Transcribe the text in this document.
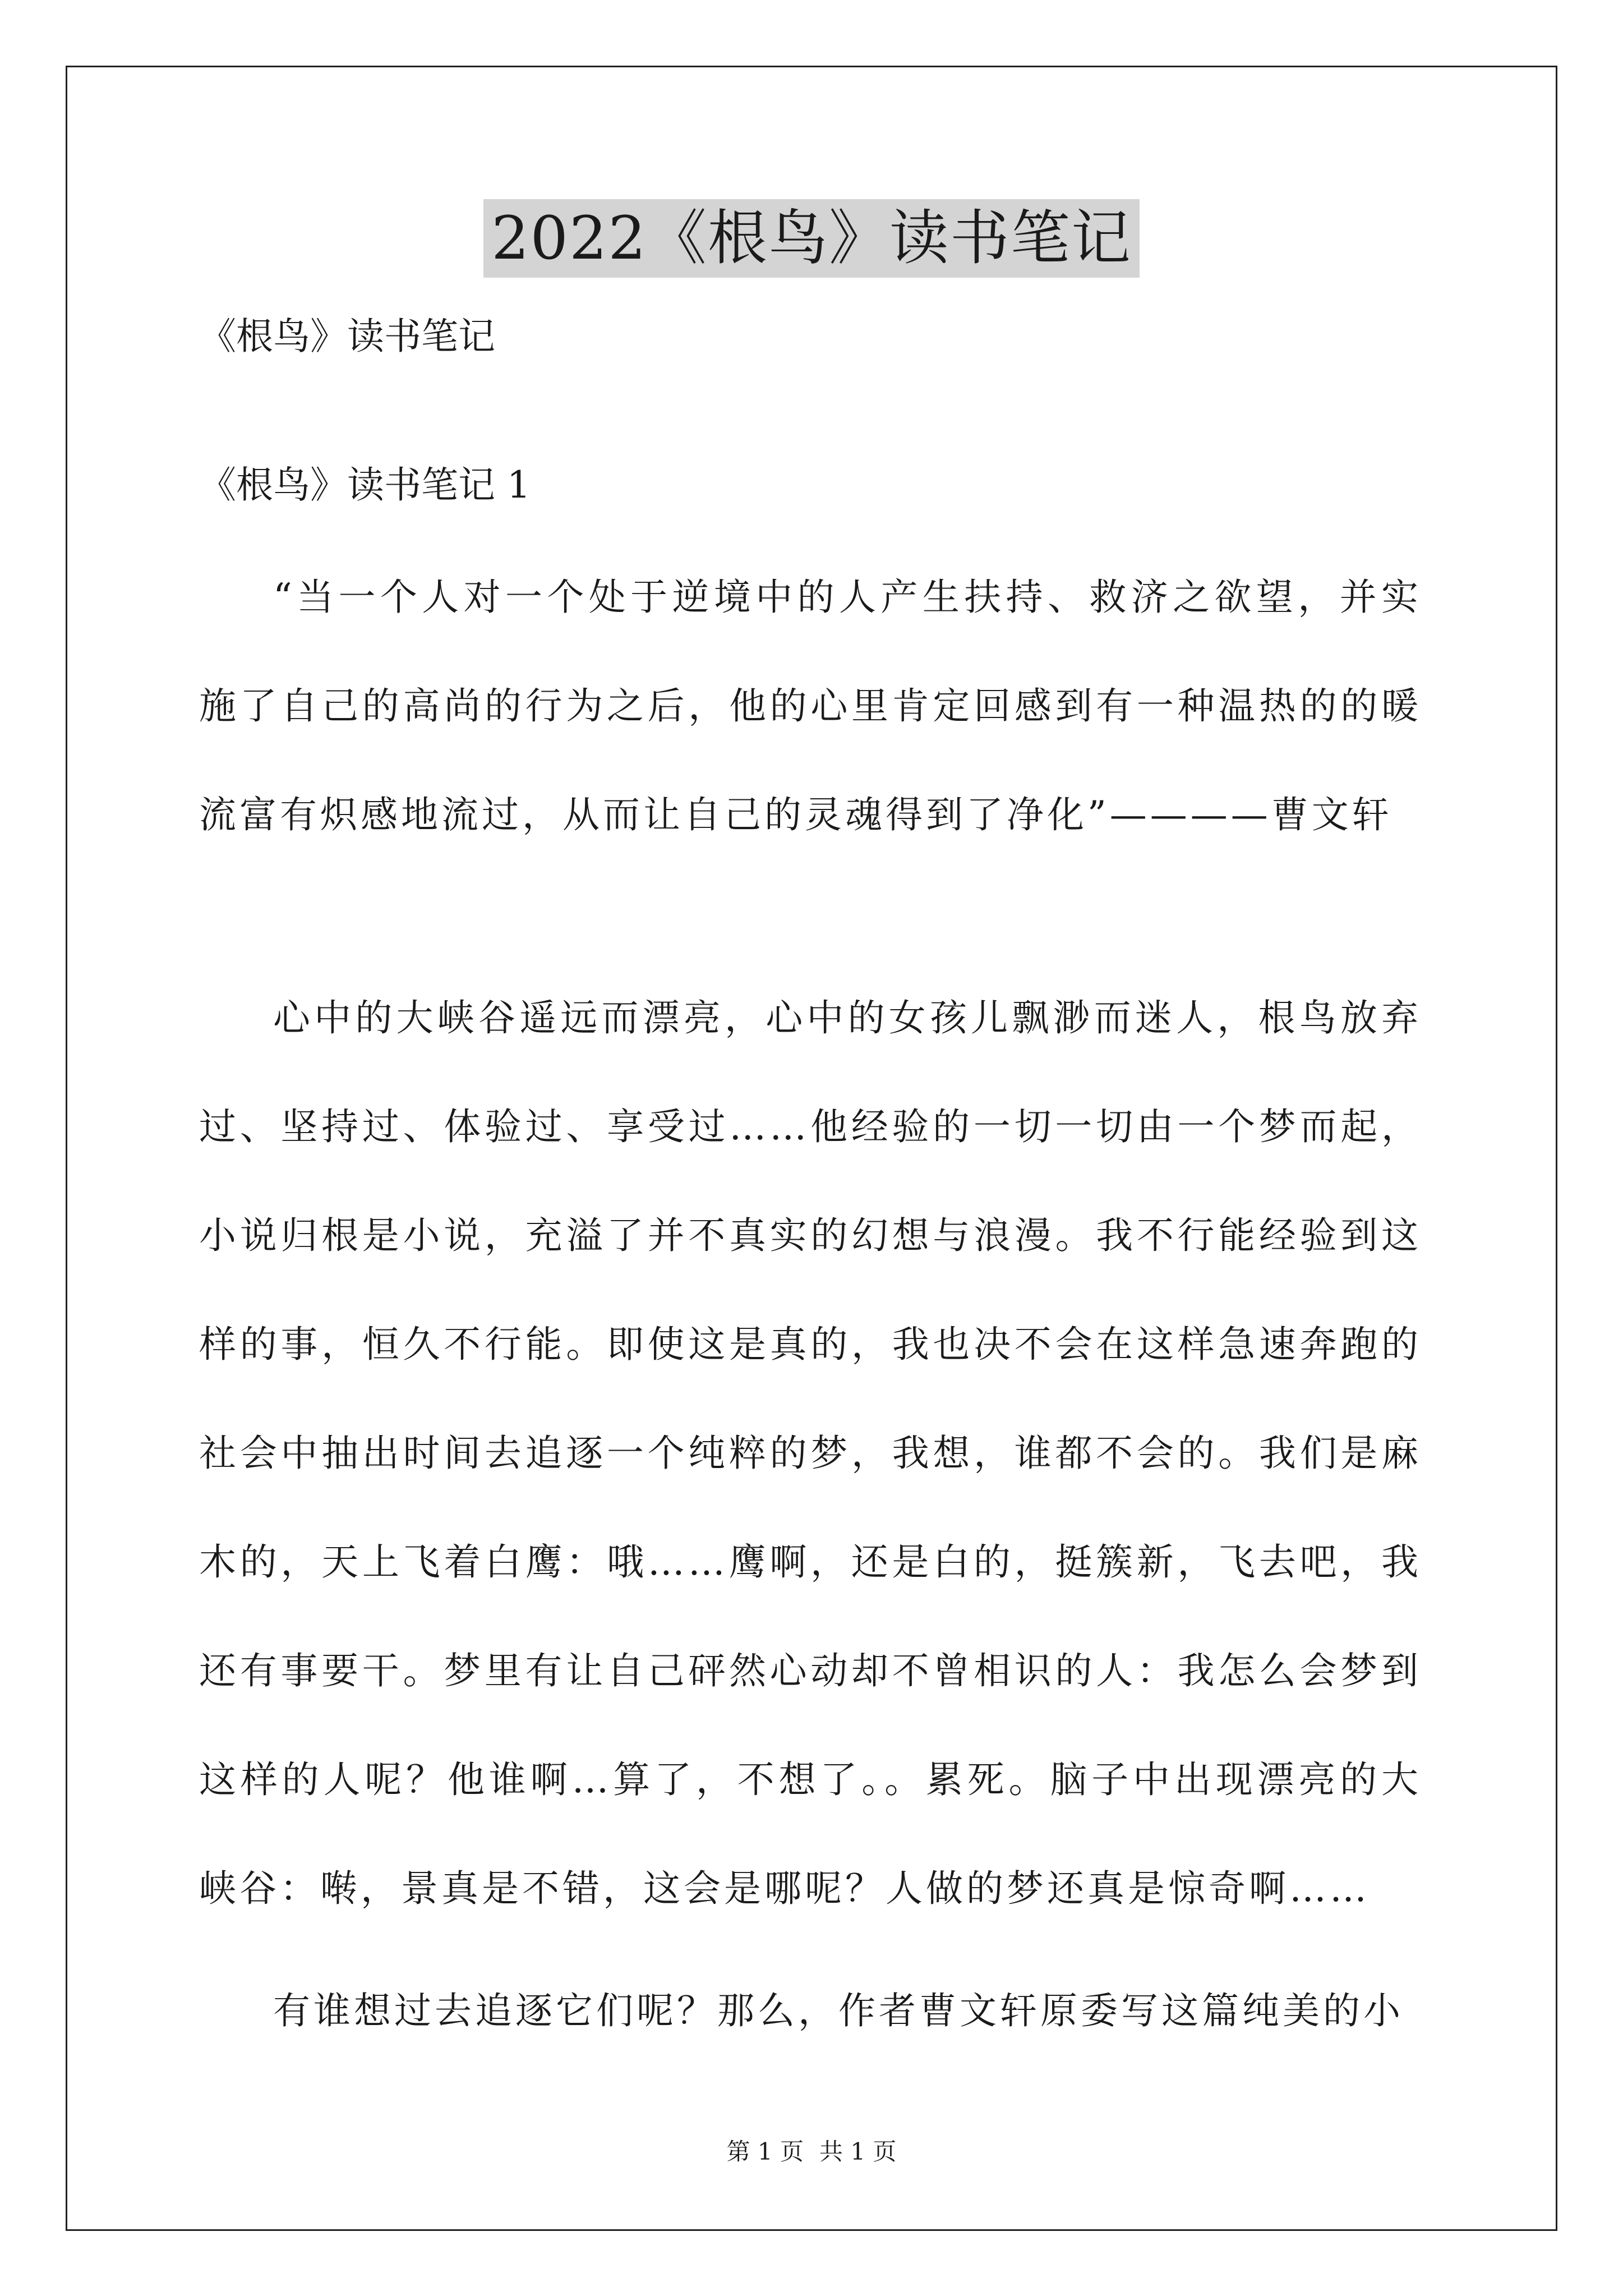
2022《根鸟》读书笔记

《根鸟》读书笔记

《根鸟》读书笔记 1

“当一个人对一个处于逆境中的人产生扶持、救济之欲望，并实施了自己的高尚的行为之后，他的心里肯定回感到有一种温热的的暖流富有炽感地流过，从而让自己的灵魂得到了净化”————曹文轩

心中的大峡谷遥远而漂亮，心中的女孩儿飘渺而迷人，根鸟放弃过、坚持过、体验过、享受过……他经验的一切一切由一个梦而起，小说归根是小说，充溢了并不真实的幻想与浪漫。我不行能经验到这样的事，恒久不行能。即使这是真的，我也决不会在这样急速奔跑的社会中抽出时间去追逐一个纯粹的梦，我想，谁都不会的。我们是麻木的，天上飞着白鹰：哦……鹰啊，还是白的，挺簇新，飞去吧，我还有事要干。梦里有让自己砰然心动却不曾相识的人：我怎么会梦到这样的人呢？他谁啊…算了，不想了。。累死。脑子中出现漂亮的大峡谷：啭，景真是不错，这会是哪呢？人做的梦还真是惊奇啊……

有谁想过去追逐它们呢？那么，作者曹文轩原委写这篇纯美的小

第 1 页 共 1 页
